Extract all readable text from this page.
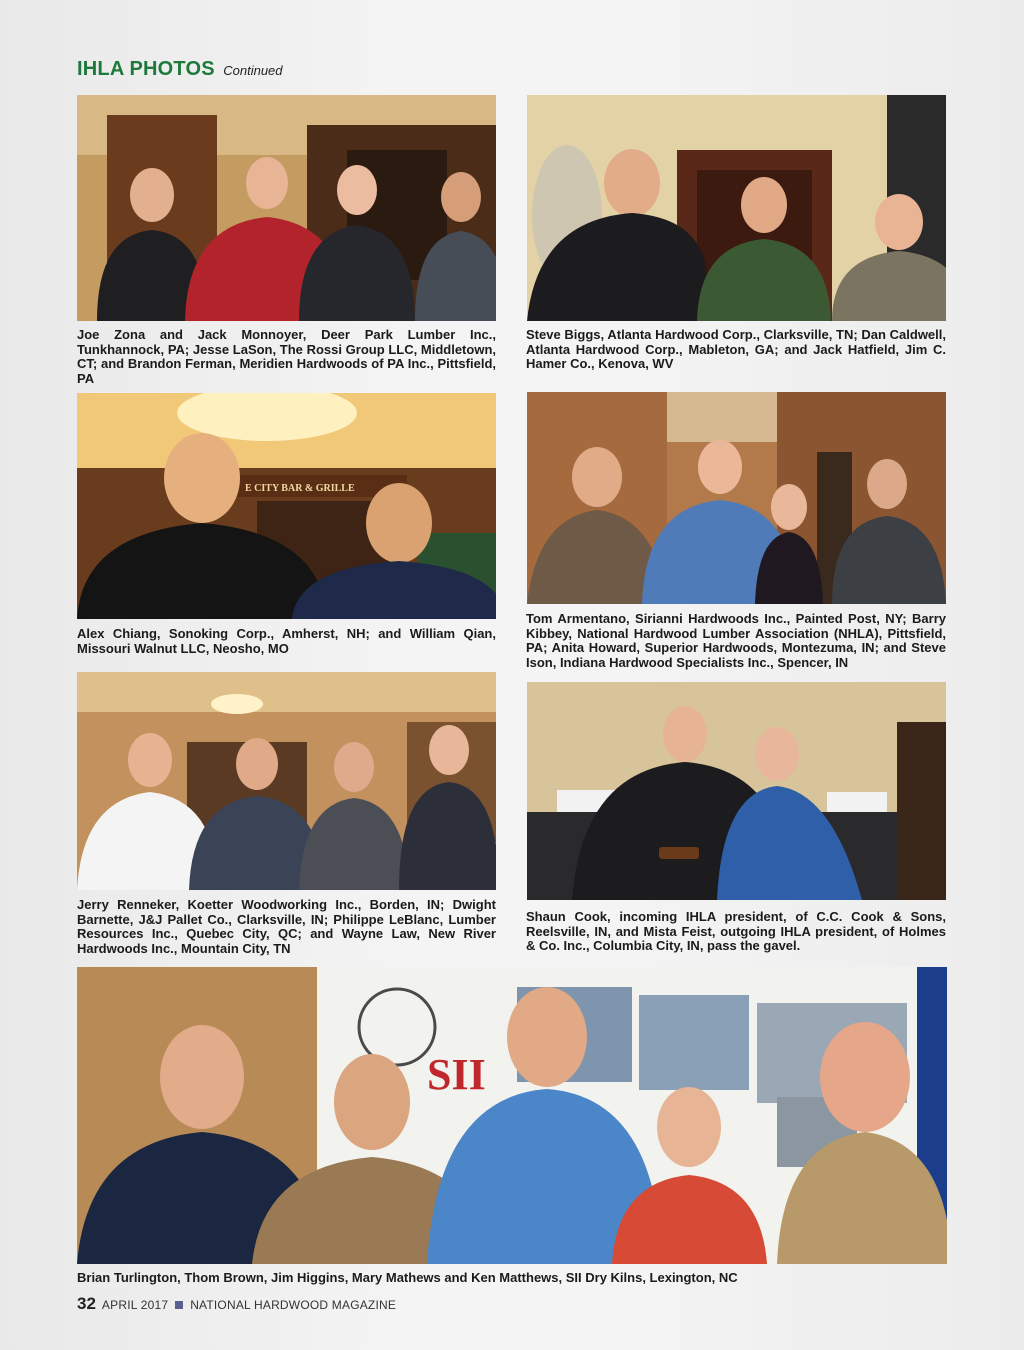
IHLA PHOTOS Continued
Joe Zona and Jack Monnoyer, Deer Park Lumber Inc., Tunkhannock, PA; Jesse LaSon, The Rossi Group LLC, Middletown, CT; and Brandon Ferman, Meridien Hardwoods of PA Inc., Pittsfield, PA
Steve Biggs, Atlanta Hardwood Corp., Clarksville, TN; Dan Caldwell, Atlanta Hardwood Corp., Mableton, GA; and Jack Hatfield, Jim C. Hamer Co., Kenova, WV
E CITY BAR & GRILLE
Alex Chiang, Sonoking Corp., Amherst, NH; and William Qian, Missouri Walnut LLC, Neosho, MO
Tom Armentano, Sirianni Hardwoods Inc., Painted Post, NY; Barry Kibbey, National Hardwood Lumber Association (NHLA), Pittsfield, PA; Anita Howard, Superior Hardwoods, Montezuma, IN; and Steve Ison, Indiana Hardwood Specialists Inc., Spencer, IN
Jerry Renneker, Koetter Woodworking Inc., Borden, IN; Dwight Barnette, J&J Pallet Co., Clarksville, IN; Philippe LeBlanc, Lumber Resources Inc., Quebec City, QC; and Wayne Law, New River Hardwoods Inc., Mountain City, TN
Shaun Cook, incoming IHLA president, of C.C. Cook & Sons, Reelsville, IN, and Mista Feist, outgoing IHLA president, of Holmes & Co. Inc., Columbia City, IN, pass the gavel.
SII
Brian Turlington, Thom Brown, Jim Higgins, Mary Mathews and Ken Matthews, SII Dry Kilns, Lexington, NC
32 APRIL 2017 NATIONAL HARDWOOD MAGAZINE
